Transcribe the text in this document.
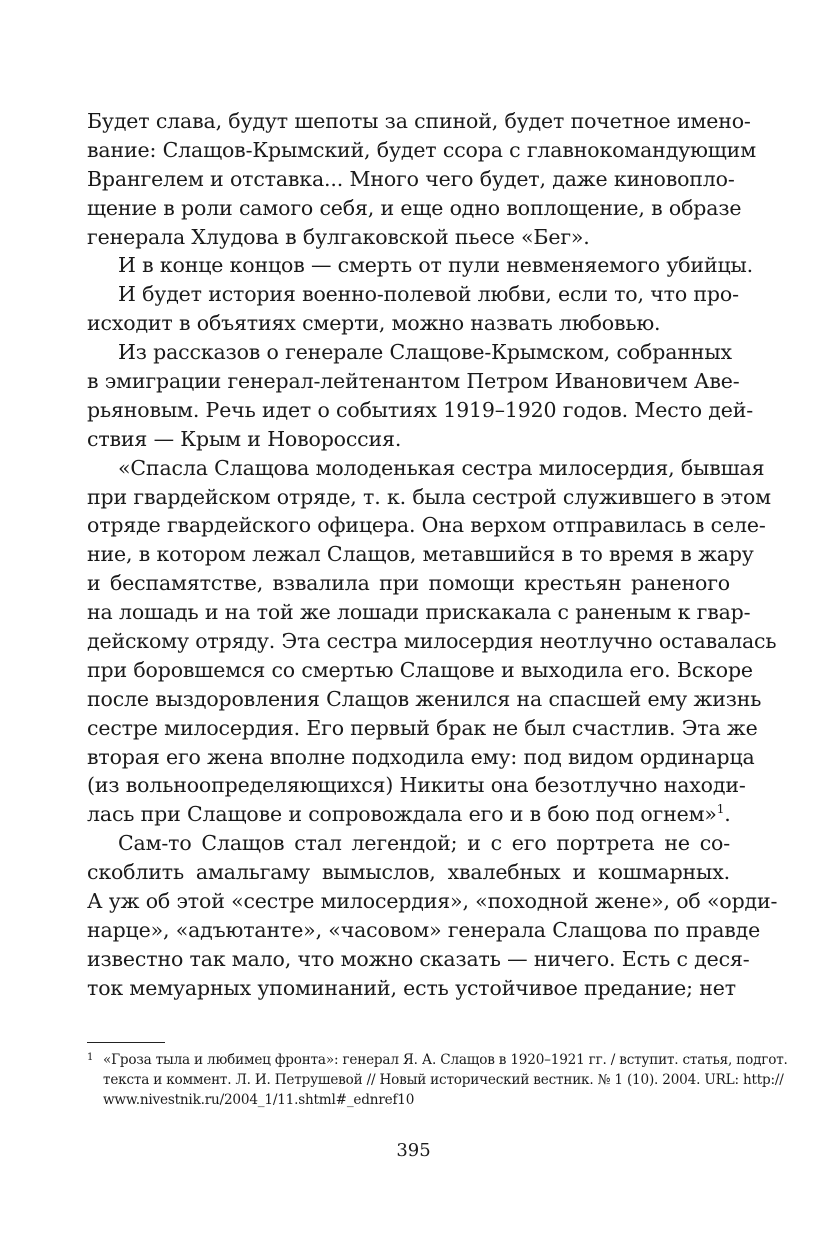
Будет слава, будут шепоты за спиной, будет почетное имено-
вание: Слащов-Крымский, будет ссора с главнокомандующим
Врангелем и отставка... Много чего будет, даже киновопло-
щение в роли самого себя, и еще одно воплощение, в образе
генерала Хлудова в булгаковской пьесе «Бег».
И в конце концов — смерть от пули невменяемого убийцы.
И будет история военно-полевой любви, если то, что про-
исходит в объятиях смерти, можно назвать любовью.
Из рассказов о генерале Слащове-Крымском, собранных
в эмиграции генерал-лейтенантом Петром Ивановичем Аве-
рьяновым. Речь идет о событиях 1919–1920 годов. Место дей-
ствия — Крым и Новороссия.
«Спасла Слащова молоденькая сестра милосердия, бывшая
при гвардейском отряде, т. к. была сестрой служившего в этом
отряде гвардейского офицера. Она верхом отправилась в селе-
ние, в котором лежал Слащов, метавшийся в то время в жару
и беспамятстве, взвалила при помощи крестьян раненого
на лошадь и на той же лошади прискакала с раненым к гвар-
дейскому отряду. Эта сестра милосердия неотлучно оставалась
при боровшемся со смертью Слащове и выходила его. Вскоре
после выздоровления Слащов женился на спасшей ему жизнь
сестре милосердия. Его первый брак не был счастлив. Эта же
вторая его жена вполне подходила ему: под видом ординарца
(из вольноопределяющихся) Никиты она безотлучно находи-
лась при Слащове и сопровождала его и в бою под огнем»$^1$.
Сам-то Слащов стал легендой; и с его портрета не со-
скоблить амальгаму вымыслов, хвалебных и кошмарных.
А уж об этой «сестре милосердия», «походной жене», об «орди-
нарце», «адъютанте», «часовом» генерала Слащова по правде
известно так мало, что можно сказать — ничего. Есть с деся-
ток мемуарных упоминаний, есть устойчивое предание; нет
1 «Гроза тыла и любимец фронта»: генерал Я. А. Слащов в 1920–1921 гг. / вступит. статья, подгот.
текста и коммент. Л. И. Петрушевой // Новый исторический вестник. № 1 (10). 2004. URL: http://
www.nivestnik.ru/2004_1/11.shtml#_ednref10
395
